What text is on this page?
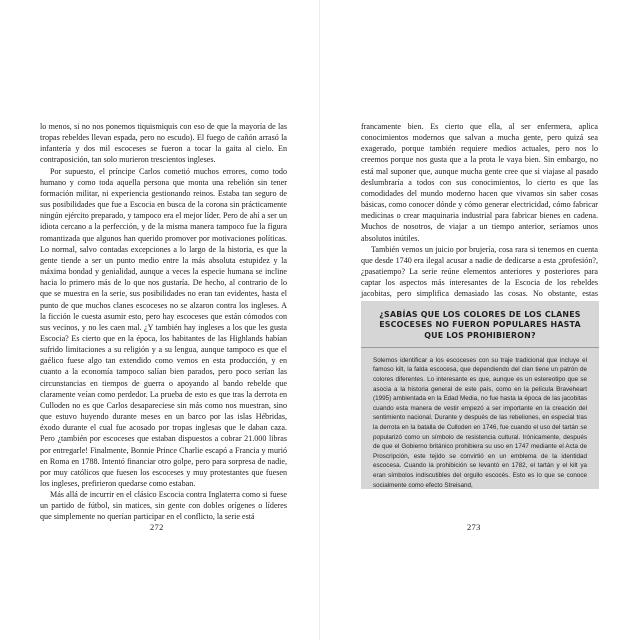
lo menos, si no nos ponemos tiquismiquis con eso de que la mayoría de las tropas rebeldes llevan espada, pero no escudo). El fuego de cañón arrasó la infantería y dos mil escoceses se fueron a tocar la gaita al cielo. En contraposición, tan solo murieron trescientos ingleses.

Por supuesto, el príncipe Carlos cometió muchos errores, como todo humano y como toda aquella persona que monta una rebelión sin tener formación militar, ni experiencia gestionando reinos. Estaba tan seguro de sus posibilidades que fue a Escocia en busca de la corona sin prácticamente ningún ejército preparado, y tampoco era el mejor líder. Pero de ahí a ser un idiota cercano a la perfección, y de la misma manera tampoco fue la figura romantizada que algunos han querido promover por motivaciones políticas. Lo normal, salvo contadas excepciones a lo largo de la historia, es que la gente tiende a ser un punto medio entre la más absoluta estupidez y la máxima bondad y genialidad, aunque a veces la especie humana se incline hacia lo primero más de lo que nos gustaría. De hecho, al contrario de lo que se muestra en la serie, sus posibilidades no eran tan evidentes, hasta el punto de que muchos clanes escoceses no se alzaron contra los ingleses. A la ficción le cuesta asumir esto, pero hay escoceses que están cómodos con sus vecinos, y no les caen mal. ¿Y también hay ingleses a los que les gusta Escocia? Es cierto que en la época, los habitantes de las Highlands habían sufrido limitaciones a su religión y a su lengua, aunque tampoco es que el gaélico fuese algo tan extendido como vemos en esta producción, y en cuanto a la economía tampoco salían bien parados, pero poco serían las circunstancias en tiempos de guerra o apoyando al bando rebelde que claramente veían como perdedor. La prueba de esto es que tras la derrota en Culloden no es que Carlos desapareciese sin más como nos muestran, sino que estuvo huyendo durante meses en un barco por las islas Hébridas, éxodo durante el cual fue acosado por tropas inglesas que le daban caza. Pero ¿también por escoceses que estaban dispuestos a cobrar 21.000 libras por entregarle! Finalmente, Bonnie Prince Charlie escapó a Francia y murió en Roma en 1788. Intentó financiar otro golpe, pero para sorpresa de nadie, por muy católicos que fuesen los escoceses y muy protestantes que fuesen los ingleses, prefirieron quedarse como estaban.

Más allá de incurrir en el clásico Escocia contra Inglaterra como si fuese un partido de fútbol, sin matices, sin gente con dobles orígenes o líderes que simplemente no querían participar en el conflicto, la serie está

272

francamente bien. Es cierto que ella, al ser enfermera, aplica conocimientos modernos que salvan a mucha gente, pero quizá sea exagerado, porque también requiere medios actuales, pero nos lo creemos porque nos gusta que a la prota le vaya bien. Sin embargo, no está mal suponer que, aunque mucha gente cree que si viajase al pasado deslumbraría a todos con sus conocimientos, lo cierto es que las comodidades del mundo moderno hacen que vivamos sin saber cosas básicas, como conocer dónde y cómo generar electricidad, cómo fabricar medicinas o crear maquinaria industrial para fabricar bienes en cadena. Muchos de nosotros, de viajar a un tiempo anterior, seríamos unos absolutos inútiles.

También vemos un juicio por brujería, cosa rara si tenemos en cuenta que desde 1740 era ilegal acusar a nadie de dedicarse a esta ¿profesión?, ¿pasatiempo? La serie reúne elementos anteriores y posteriores para captar los aspectos más interesantes de la Escocia de los rebeldes jacobitas, pero simplifica demasiado las cosas. No obstante, estas

¿SABÍAS QUE LOS COLORES DE LOS CLANES ESCOCESES NO FUERON POPULARES HASTA QUE LOS PROHIBIERON?

Solemos identificar a los escoceses con su traje tradicional que incluye el famoso kilt, la falda escocesa, que dependiendo del clan tiene un patrón de colores diferentes. Lo interesante es que, aunque es un estereotipo que se asocia a la historia general de este país, como en la película Braveheart (1995) ambientada en la Edad Media, no fue hasta la época de las jacobitas cuando esta manera de vestir empezó a ser importante en la creación del sentimiento nacional. Durante y después de las rebeliones, en especial tras la derrota en la batalla de Culloden en 1746, fue cuando el uso del tartán se popularizó como un símbolo de resistencia cultural. Irónicamente, después de que el Gobierno británico prohibiera su uso en 1747 mediante el Acta de Proscripción, este tejido se convirtió en un emblema de la identidad escocesa. Cuando la prohibición se levantó en 1782, el tartán y el kilt ya eran símbolos indiscutibles del orgullo escocés. Esto es lo que se conoce socialmente como efecto Streisand,

273
